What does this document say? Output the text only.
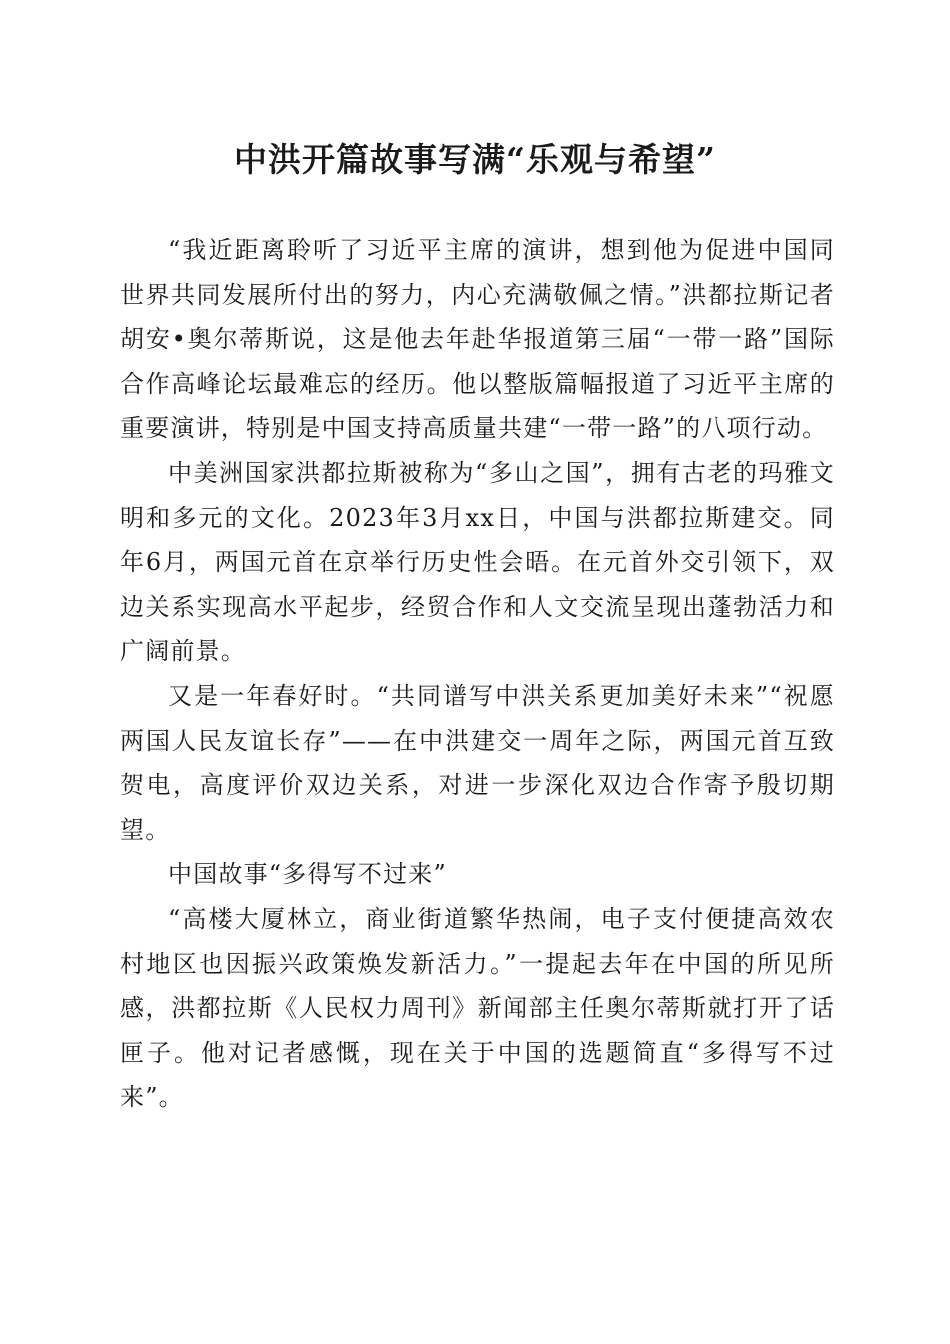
中洪开篇故事写满“乐观与希望”

“我近距离聆听了习近平主席的演讲，想到他为促进中国同世界共同发展所付出的努力，内心充满敬佩之情。”洪都拉斯记者胡安•奥尔蒂斯说，这是他去年赴华报道第三届“一带一路”国际合作高峰论坛最难忘的经历。他以整版篇幅报道了习近平主席的重要演讲，特别是中国支持高质量共建“一带一路”的八项行动。

中美洲国家洪都拉斯被称为“多山之国”，拥有古老的玛雅文明和多元的文化。2023年3月xx日，中国与洪都拉斯建交。同年6月，两国元首在京举行历史性会晤。在元首外交引领下，双边关系实现高水平起步，经贸合作和人文交流呈现出蓬勃活力和广阔前景。

又是一年春好时。“共同谱写中洪关系更加美好未来”“祝愿两国人民友谊长存”——在中洪建交一周年之际，两国元首互致贺电，高度评价双边关系，对进一步深化双边合作寄予殷切期望。

中国故事“多得写不过来”

“高楼大厦林立，商业街道繁华热闹，电子支付便捷高效农村地区也因振兴政策焕发新活力。”一提起去年在中国的所见所感，洪都拉斯《人民权力周刊》新闻部主任奥尔蒂斯就打开了话匣子。他对记者感慨，现在关于中国的选题简直“多得写不过来”。
